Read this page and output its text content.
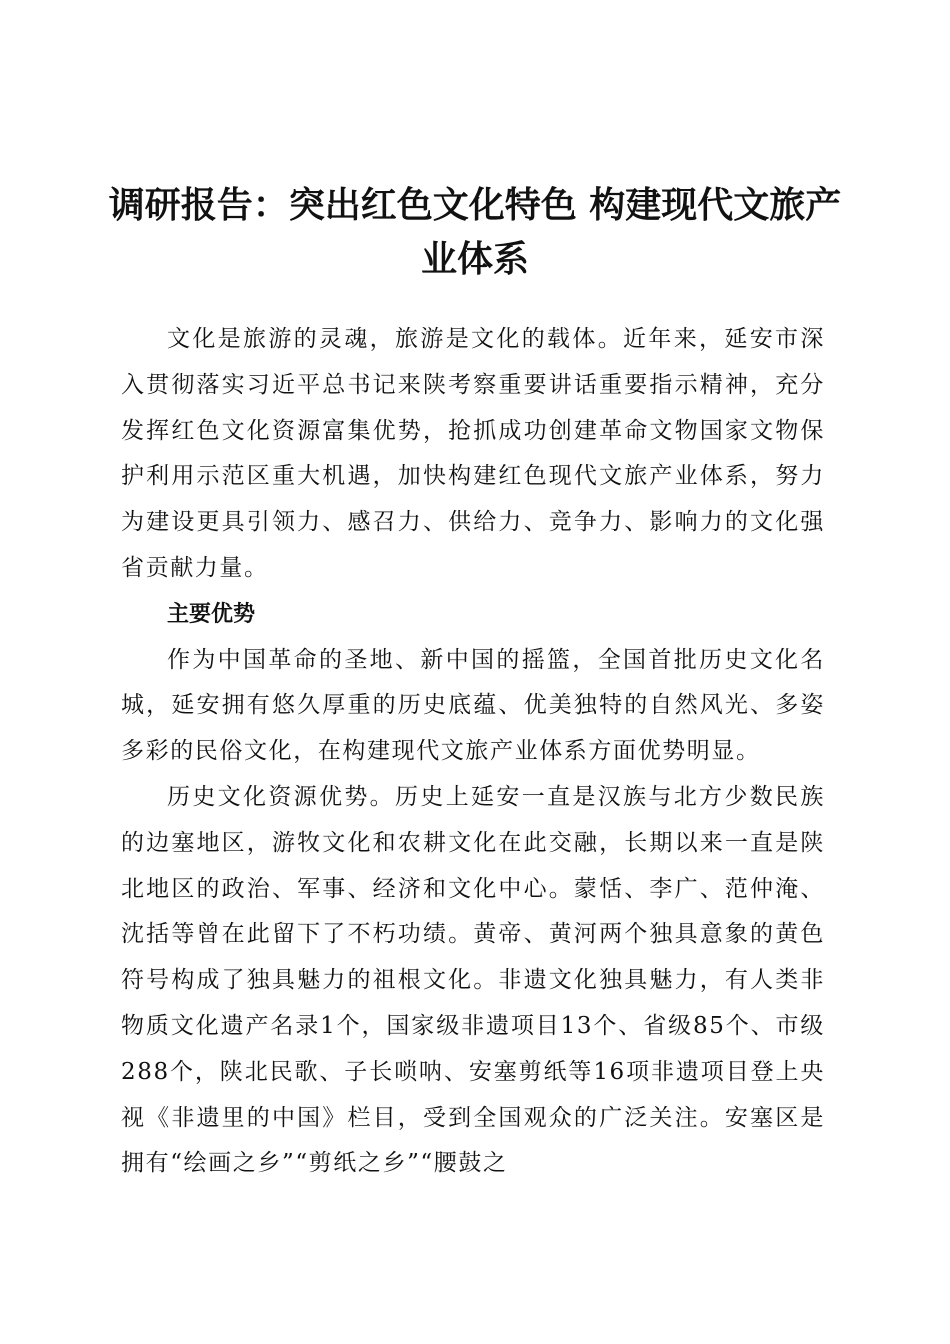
调研报告：突出红色文化特色 构建现代文旅产业体系

文化是旅游的灵魂，旅游是文化的载体。近年来，延安市深入贯彻落实习近平总书记来陕考察重要讲话重要指示精神，充分发挥红色文化资源富集优势，抢抓成功创建革命文物国家文物保护利用示范区重大机遇，加快构建红色现代文旅产业体系，努力为建设更具引领力、感召力、供给力、竞争力、影响力的文化强省贡献力量。

主要优势

作为中国革命的圣地、新中国的摇篮，全国首批历史文化名城，延安拥有悠久厚重的历史底蕴、优美独特的自然风光、多姿多彩的民俗文化，在构建现代文旅产业体系方面优势明显。

历史文化资源优势。历史上延安一直是汉族与北方少数民族的边塞地区，游牧文化和农耕文化在此交融，长期以来一直是陕北地区的政治、军事、经济和文化中心。蒙恬、李广、范仲淹、沈括等曾在此留下了不朽功绩。黄帝、黄河两个独具意象的黄色符号构成了独具魅力的祖根文化。非遗文化独具魅力，有人类非物质文化遗产名录1个，国家级非遗项目13个、省级85个、市级288个，陕北民歌、子长唢呐、安塞剪纸等16项非遗项目登上央视《非遗里的中国》栏目，受到全国观众的广泛关注。安塞区是拥有“绘画之乡”“剪纸之乡”“腰鼓之
